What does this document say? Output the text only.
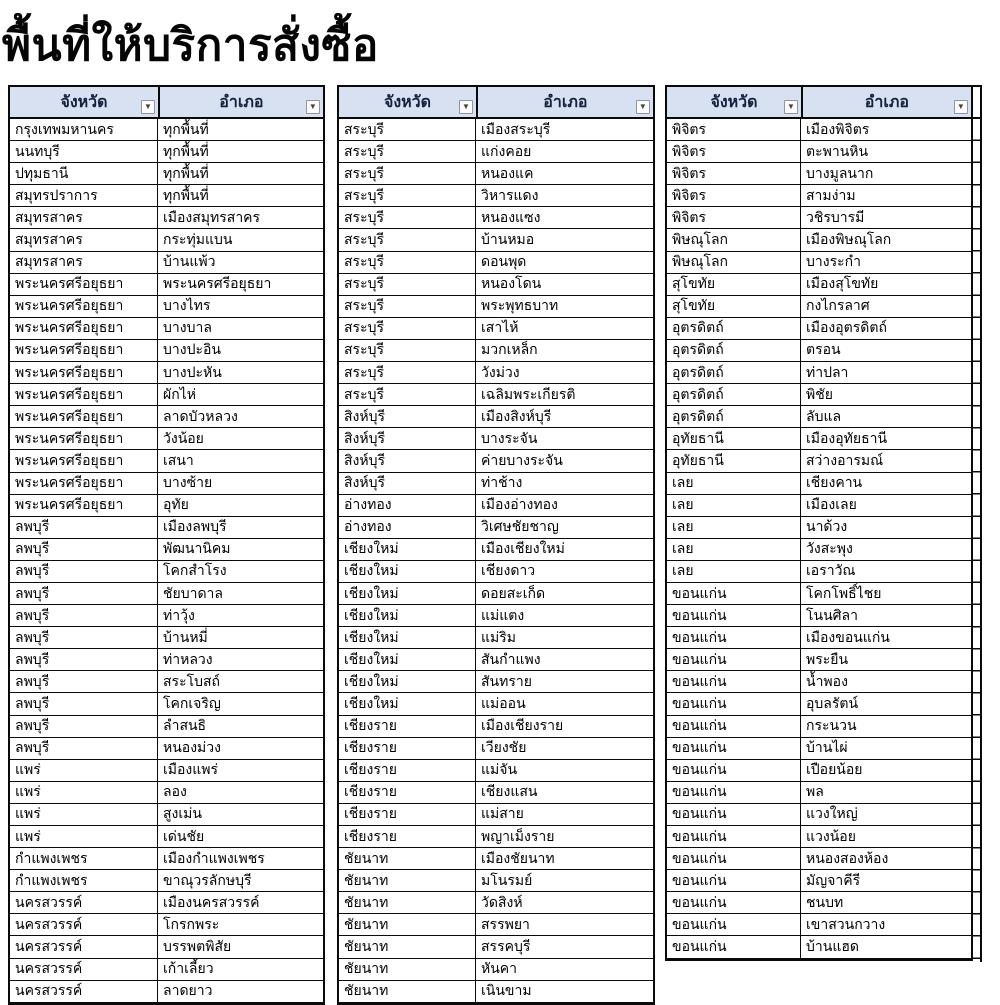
พื้นที่ให้บริการสั่งซื้อ
จังหวัด	▼	อำเภอ	▼
กรุงเทพมหานคร	ทุกพื้นที่
นนทบุรี	ทุกพื้นที่
ปทุมธานี	ทุกพื้นที่
สมุทรปราการ	ทุกพื้นที่
สมุทรสาคร	เมืองสมุทรสาคร
สมุทรสาคร	กระทุ่มแบน
สมุทรสาคร	บ้านแพ้ว
พระนครศรีอยุธยา	พระนครศรีอยุธยา
พระนครศรีอยุธยา	บางไทร
พระนครศรีอยุธยา	บางบาล
พระนครศรีอยุธยา	บางปะอิน
พระนครศรีอยุธยา	บางปะหัน
พระนครศรีอยุธยา	ผักไห่
พระนครศรีอยุธยา	ลาดบัวหลวง
พระนครศรีอยุธยา	วังน้อย
พระนครศรีอยุธยา	เสนา
พระนครศรีอยุธยา	บางซ้าย
พระนครศรีอยุธยา	อุทัย
ลพบุรี	เมืองลพบุรี
ลพบุรี	พัฒนานิคม
ลพบุรี	โคกสำโรง
ลพบุรี	ชัยบาดาล
ลพบุรี	ท่าวุ้ง
ลพบุรี	บ้านหมี่
ลพบุรี	ท่าหลวง
ลพบุรี	สระโบสถ์
ลพบุรี	โคกเจริญ
ลพบุรี	ลำสนธิ
ลพบุรี	หนองม่วง
แพร่	เมืองแพร่
แพร่	ลอง
แพร่	สูงเม่น
แพร่	เด่นชัย
กำแพงเพชร	เมืองกำแพงเพชร
กำแพงเพชร	ขาณุวรลักษบุรี
นครสวรรค์	เมืองนครสวรรค์
นครสวรรค์	โกรกพระ
นครสวรรค์	บรรพตพิสัย
นครสวรรค์	เก้าเลี้ยว
นครสวรรค์	ลาดยาว
จังหวัด	▼	อำเภอ	▼
สระบุรี	เมืองสระบุรี
สระบุรี	แก่งคอย
สระบุรี	หนองแค
สระบุรี	วิหารแดง
สระบุรี	หนองแซง
สระบุรี	บ้านหมอ
สระบุรี	ดอนพุด
สระบุรี	หนองโดน
สระบุรี	พระพุทธบาท
สระบุรี	เสาไห้
สระบุรี	มวกเหล็ก
สระบุรี	วังม่วง
สระบุรี	เฉลิมพระเกียรติ
สิงห์บุรี	เมืองสิงห์บุรี
สิงห์บุรี	บางระจัน
สิงห์บุรี	ค่ายบางระจัน
สิงห์บุรี	ท่าช้าง
อ่างทอง	เมืองอ่างทอง
อ่างทอง	วิเศษชัยชาญ
เชียงใหม่	เมืองเชียงใหม่
เชียงใหม่	เชียงดาว
เชียงใหม่	ดอยสะเก็ด
เชียงใหม่	แม่แตง
เชียงใหม่	แม่ริม
เชียงใหม่	สันกำแพง
เชียงใหม่	สันทราย
เชียงใหม่	แม่ออน
เชียงราย	เมืองเชียงราย
เชียงราย	เวียงชัย
เชียงราย	แม่จัน
เชียงราย	เชียงแสน
เชียงราย	แม่สาย
เชียงราย	พญาเม็งราย
ชัยนาท	เมืองชัยนาท
ชัยนาท	มโนรมย์
ชัยนาท	วัดสิงห์
ชัยนาท	สรรพยา
ชัยนาท	สรรคบุรี
ชัยนาท	หันคา
ชัยนาท	เนินขาม
จังหวัด	▼	อำเภอ	▼
พิจิตร	เมืองพิจิตร
พิจิตร	ตะพานหิน
พิจิตร	บางมูลนาก
พิจิตร	สามง่าม
พิจิตร	วชิรบารมี
พิษณุโลก	เมืองพิษณุโลก
พิษณุโลก	บางระกำ
สุโขทัย	เมืองสุโขทัย
สุโขทัย	กงไกรลาศ
อุตรดิตถ์	เมืองอุตรดิตถ์
อุตรดิตถ์	ตรอน
อุตรดิตถ์	ท่าปลา
อุตรดิตถ์	พิชัย
อุตรดิตถ์	ลับแล
อุทัยธานี	เมืองอุทัยธานี
อุทัยธานี	สว่างอารมณ์
เลย	เชียงคาน
เลย	เมืองเลย
เลย	นาด้วง
เลย	วังสะพุง
เลย	เอราวัณ
ขอนแก่น	โคกโพธิ์ไชย
ขอนแก่น	โนนศิลา
ขอนแก่น	เมืองขอนแก่น
ขอนแก่น	พระยืน
ขอนแก่น	น้ำพอง
ขอนแก่น	อุบลรัตน์
ขอนแก่น	กระนวน
ขอนแก่น	บ้านไผ่
ขอนแก่น	เปือยน้อย
ขอนแก่น	พล
ขอนแก่น	แวงใหญ่
ขอนแก่น	แวงน้อย
ขอนแก่น	หนองสองห้อง
ขอนแก่น	มัญจาคีรี
ขอนแก่น	ชนบท
ขอนแก่น	เขาสวนกวาง
ขอนแก่น	บ้านแฮด
